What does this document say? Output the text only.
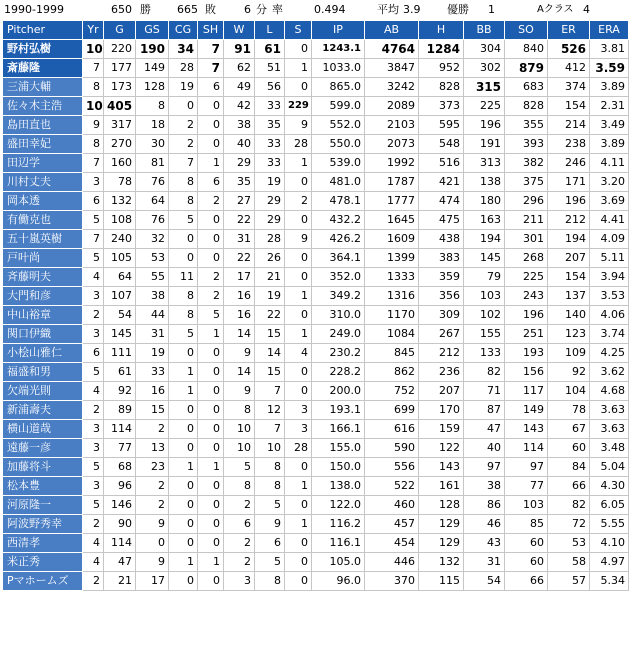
1990-1999	650 勝 665 敗	6 分 率	0.494	平均 3.9 優勝 1	Aクラス 4
Pitcher	Yr	G	GS	CG	SH	W	L	S	IP	AB	H	BB	SO	ER	ERA
野村弘樹	10	220	190	34	7	91	61	0	1243.1	4764	1284	304	840	526	3.81
斎藤隆	7	177	149	28	7	62	51	1	1033.0	3847	952	302	879	412	3.59
三浦大輔	8	173	128	19	6	49	56	0	865.0	3242	828	315	683	374	3.89
佐々木主浩	10	405	8	0	0	42	33	229	599.0	2089	373	225	828	154	2.31
島田直也	9	317	18	2	0	38	35	9	552.0	2103	595	196	355	214	3.49
盛田幸妃	8	270	30	2	0	40	33	28	550.0	2073	548	191	393	238	3.89
田辺学	7	160	81	7	1	29	33	1	539.0	1992	516	313	382	246	4.11
川村丈夫	3	78	76	8	6	35	19	0	481.0	1787	421	138	375	171	3.20
岡本透	6	132	64	8	2	27	29	2	478.1	1777	474	180	296	196	3.69
有働克也	5	108	76	5	0	22	29	0	432.2	1645	475	163	211	212	4.41
五十嵐英樹	7	240	32	0	0	31	28	9	426.2	1609	438	194	301	194	4.09
戸叶尚	5	105	53	0	0	22	26	0	364.1	1399	383	145	268	207	5.11
斉藤明夫	4	64	55	11	2	17	21	0	352.0	1333	359	79	225	154	3.94
大門和彦	3	107	38	8	2	16	19	1	349.2	1316	356	103	243	137	3.53
中山裕章	2	54	44	8	5	16	22	0	310.0	1170	309	102	196	140	4.06
関口伊織	3	145	31	5	1	14	15	1	249.0	1084	267	155	251	123	3.74
小桧山雅仁	6	111	19	0	0	9	14	4	230.2	845	212	133	193	109	4.25
福盛和男	5	61	33	1	0	14	15	0	228.2	862	236	82	156	92	3.62
欠端光則	4	92	16	1	0	9	7	0	200.0	752	207	71	117	104	4.68
新浦壽夫	2	89	15	0	0	8	12	3	193.1	699	170	87	149	78	3.63
横山道哉	3	114	2	0	0	10	7	3	166.1	616	159	47	143	67	3.63
遠藤一彦	3	77	13	0	0	10	10	28	155.0	590	122	40	114	60	3.48
加藤将斗	5	68	23	1	1	5	8	0	150.0	556	143	97	97	84	5.04
松本豊	3	96	2	0	0	8	8	1	138.0	522	161	38	77	66	4.30
河原隆一	5	146	2	0	0	2	5	0	122.0	460	128	86	103	82	6.05
阿波野秀幸	2	90	9	0	0	6	9	1	116.2	457	129	46	85	72	5.55
西清孝	4	114	0	0	0	2	6	0	116.1	454	129	43	60	53	4.10
米正秀	4	47	9	1	1	2	5	0	105.0	446	132	31	60	58	4.97
Pマホームズ	2	21	17	0	0	3	8	0	96.0	370	115	54	66	57	5.34
